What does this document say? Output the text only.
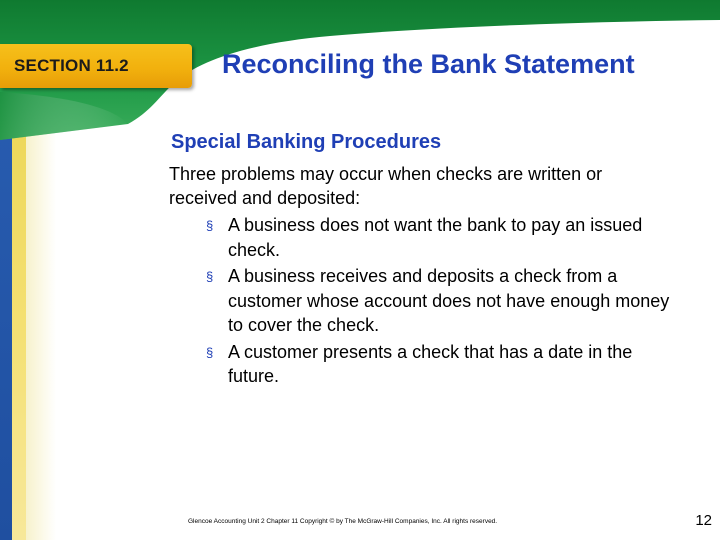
SECTION 11.2	Reconciling the Bank Statement
Special Banking Procedures
Three problems may occur when checks are written or received and deposited:
§ A business does not want the bank to pay an issued check.
§ A business receives and deposits a check from a customer whose account does not have enough money to cover the check.
§ A customer presents a check that has a date in the future.
Glencoe Accounting Unit 2 Chapter 11 Copyright © by The McGraw-Hill Companies, Inc. All rights reserved.	12
